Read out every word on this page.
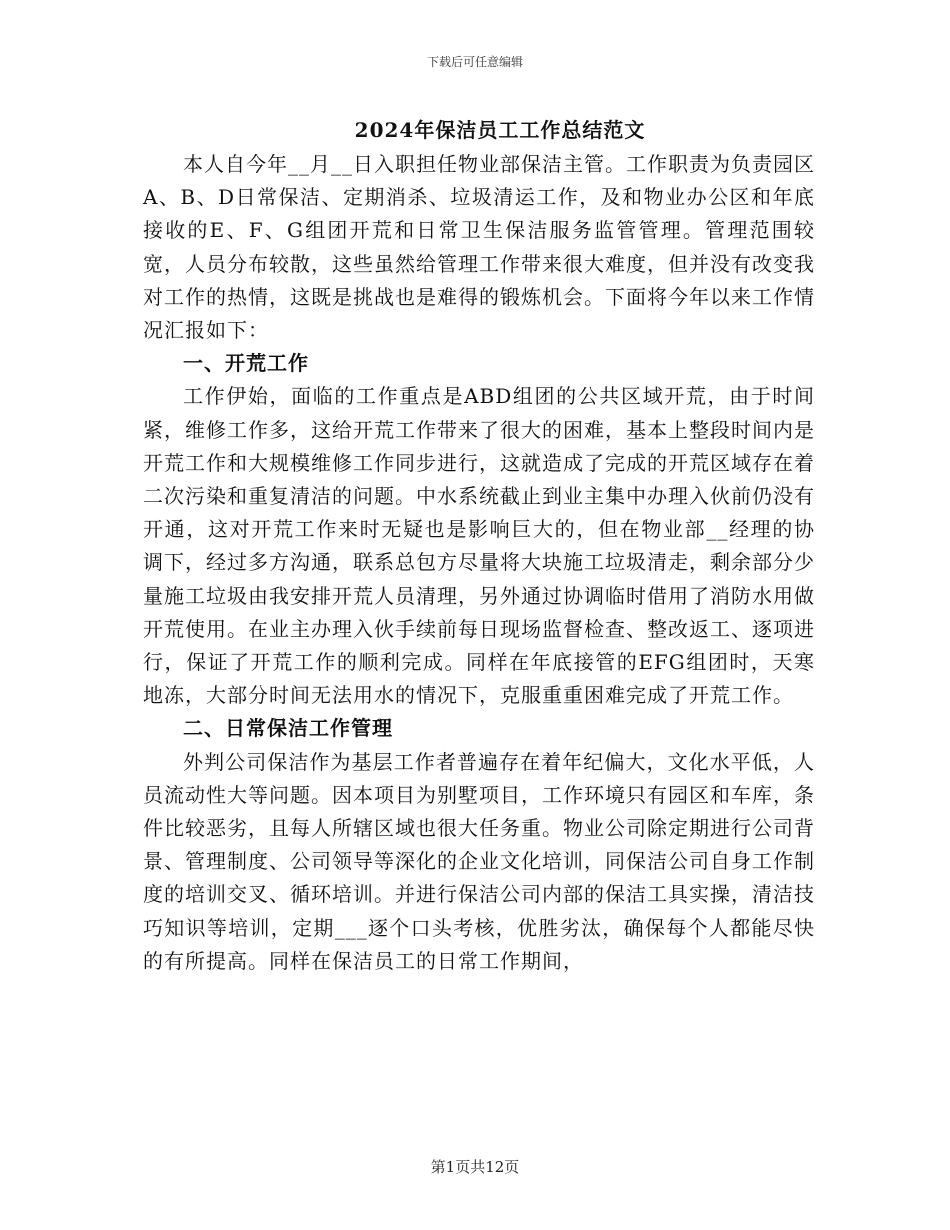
下载后可任意编辑
2024年保洁员工工作总结范文

本人自今年__月__日入职担任物业部保洁主管。工作职责为负责园区A、B、D日常保洁、定期消杀、垃圾清运工作，及和物业办公区和年底接收的E、F、G组团开荒和日常卫生保洁服务监管管理。管理范围较宽，人员分布较散，这些虽然给管理工作带来很大难度，但并没有改变我对工作的热情，这既是挑战也是难得的锻炼机会。下面将今年以来工作情况汇报如下：

一、开荒工作

工作伊始，面临的工作重点是ABD组团的公共区域开荒，由于时间紧，维修工作多，这给开荒工作带来了很大的困难，基本上整段时间内是开荒工作和大规模维修工作同步进行，这就造成了完成的开荒区域存在着二次污染和重复清洁的问题。中水系统截止到业主集中办理入伙前仍没有开通，这对开荒工作来时无疑也是影响巨大的，但在物业部__经理的协调下，经过多方沟通，联系总包方尽量将大块施工垃圾清走，剩余部分少量施工垃圾由我安排开荒人员清理，另外通过协调临时借用了消防水用做开荒使用。在业主办理入伙手续前每日现场监督检查、整改返工、逐项进行，保证了开荒工作的顺利完成。同样在年底接管的EFG组团时，天寒地冻，大部分时间无法用水的情况下，克服重重困难完成了开荒工作。

二、日常保洁工作管理

外判公司保洁作为基层工作者普遍存在着年纪偏大，文化水平低，人员流动性大等问题。因本项目为别墅项目，工作环境只有园区和车库，条件比较恶劣，且每人所辖区域也很大任务重。物业公司除定期进行公司背景、管理制度、公司领导等深化的企业文化培训，同保洁公司自身工作制度的培训交叉、循环培训。并进行保洁公司内部的保洁工具实操，清洁技巧知识等培训，定期___逐个口头考核，优胜劣汰，确保每个人都能尽快的有所提高。同样在保洁员工的日常工作期间，

第1页共12页
